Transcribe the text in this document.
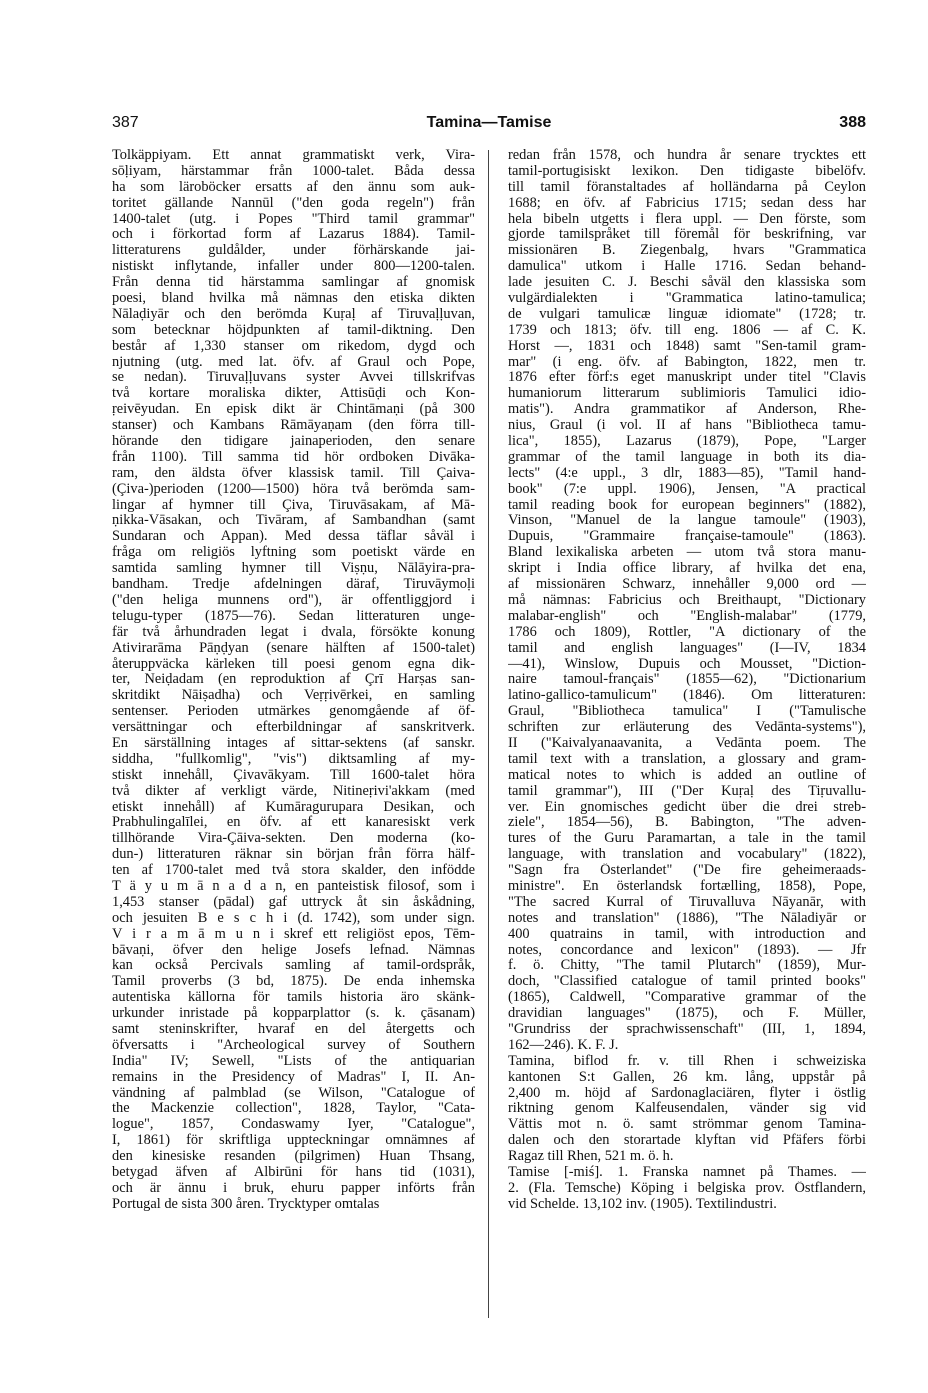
387	Tamina—Tamise	388
Tolkäppiyam. Ett annat grammatiskt verk, Vira-
sōḷiyam, härstammar från 1000-talet. Båda dessa
ha som läroböcker ersatts af den ännu som auk-
toritet gällande Nannūl ("den goda regeln") från
1400-talet (utg. i Popes "Third tamil grammar"
och i förkortad form af Lazarus 1884). Tamil-
litteraturens guldålder, under förhärskande jai-
nistiskt inflytande, infaller under 800—1200-talen.
Från denna tid härstamma samlingar af gnomisk
poesi, bland hvilka må nämnas den etiska dikten
Nālaḍiyār och den berömda Kuṛaḷ af Tiruvaḷḷuvan,
som betecknar höjdpunkten af tamil-diktning. Den
består af 1,330 stanser om rikedom, dygd och
njutning (utg. med lat. öfv. af Graul och Pope,
se nedan). Tiruvaḷḷuvans syster Avvei tillskrifvas
två kortare moraliska dikter, Attisūḍi och Kon-
ṛeivēyudan. En episk dikt är Chintāmaṇi (på 300
stanser) och Kambans Rāmāyaṇam (den förra till-
hörande den tidigare jainaperioden, den senare
från 1100). Till samma tid hör ordboken Divāka-
ram, den äldsta öfver klassisk tamil. Till Çaiva-
(Çiva-)perioden (1200—1500) höra två berömda sam-
lingar af hymner till Çiva, Tiruvāsakam, af Mā-
ṇikka-Vāsakan, och Tivāram, af Sambandhan (samt
Sundaran och Appan). Med dessa täflar såväl i
fråga om religiös lyftning som poetiskt värde en
samtida samling hymner till Viṣṇu, Nālāyira-pra-
bandham. Tredje afdelningen däraf, Tiruvāymoḷi
("den heliga munnens ord"), är offentliggjord i
telugu-typer (1875—76). Sedan litteraturen unge-
fär två århundraden legat i dvala, försökte konung
Ativirarāma Pāṇḍyan (senare hälften af 1500-talet)
återuppväcka kärleken till poesi genom egna dik-
ter, Neiḍadam (en reproduktion af Çrī Harṣas san-
skritdikt Nāiṣadha) och Veṛṛivērkei, en samling
sentenser. Perioden utmärkes genomgående af öf-
versättningar och efterbildningar af sanskritverk.
En särställning intages af sittar-sektens (af sanskr.
siddha, "fullkomlig", "vis") diktsamling af my-
stiskt innehåll, Çivavākyam. Till 1600-talet höra
två dikter af verkligt värde, Nitineṛivi'akkam (med
etiskt innehåll) af Kumāragurupara Desikan, och
Prabhulingalīlei, en öfv. af ett kanaresiskt verk
tillhörande Vira-Çāiva-sekten. Den moderna (ko-
dun-) litteraturen räknar sin början från förra hälf-
ten af 1700-talet med två stora skalder, den infödde
T ä y u m ā n a d a n, en panteistisk filosof, som i
1,453 stanser (pādal) gaf uttryck åt sin åskådning,
och jesuiten B e s c h i (d. 1742), som under sign.
V i r a m ā m u n i skref ett religiöst epos, Tēm-
bāvaṇi, öfver den helige Josefs lefnad. Nämnas
kan också Percivals samling af tamil-ordspråk,
Tamil proverbs (3 bd, 1875). De enda inhemska
autentiska källorna för tamils historia äro skänk-
urkunder inristade på kopparplattor (s. k. çāsanam)
samt steninskrifter, hvaraf en del återgetts och
öfversatts i "Archeological survey of Southern
India" IV; Sewell, "Lists of the antiquarian
remains in the Presidency of Madras" I, II. An-
vändning af palmblad (se Wilson, "Catalogue of
the Mackenzie collection", 1828, Taylor, "Cata-
logue", 1857, Condaswamy Iyer, "Catalogue",
I, 1861) för skriftliga uppteckningar omnämnes af
den kinesiske resanden (pilgrimen) Huan Thsang,
betygad äfven af Albirūni för hans tid (1031),
och är ännu i bruk, ehuru papper införts från
Portugal de sista 300 åren. Trycktyper omtalas
redan från 1578, och hundra år senare trycktes ett
tamil-portugisiskt lexikon. Den tidigaste bibelöfv.
till tamil föranstaltades af holländarna på Ceylon
1688; en öfv. af Fabricius 1715; sedan dess har
hela bibeln utgetts i flera uppl. — Den förste, som
gjorde tamilspråket till föremål för beskrifning, var
missionären B. Ziegenbalg, hvars "Grammatica
damulica" utkom i Halle 1716. Sedan behand-
lade jesuiten C. J. Beschi såväl den klassiska som
vulgärdialekten i "Grammatica latino-tamulica;
de vulgari tamulicæ linguæ idiomate" (1728; tr.
1739 och 1813; öfv. till eng. 1806 — af C. K.
Horst —, 1831 och 1848) samt "Sen-tamil gram-
mar" (i eng. öfv. af Babington, 1822, men tr.
1876 efter förf:s eget manuskript under titel "Clavis
humaniorum litterarum sublimioris Tamulici idio-
matis"). Andra grammatikor af Anderson, Rhe-
nius, Graul (i vol. II af hans "Bibliotheca tamu-
lica", 1855), Lazarus (1879), Pope, "Larger
grammar of the tamil language in both its dia-
lects" (4:e uppl., 3 dlr, 1883—85), "Tamil hand-
book" (7:e uppl. 1906), Jensen, "A practical
tamil reading book for european beginners" (1882),
Vinson, "Manuel de la langue tamoule" (1903),
Dupuis, "Grammaire française-tamoule" (1863).
Bland lexikaliska arbeten — utom två stora manu-
skript i India office library, af hvilka det ena,
af missionären Schwarz, innehåller 9,000 ord —
må nämnas: Fabricius och Breithaupt, "Dictionary
malabar-english" och "English-malabar" (1779,
1786 och 1809), Rottler, "A dictionary of the
tamil and english languages" (I—IV, 1834
—41), Winslow, Dupuis och Mousset, "Diction-
naire tamoul-français" (1855—62), "Dictionarium
latino-gallico-tamulicum" (1846). Om litteraturen:
Graul, "Bibliotheca tamulica" I ("Tamulische
schriften zur erläuterung des Vedānta-systems"),
II ("Kaivalyanaavanita, a Vedānta poem. The
tamil text with a translation, a glossary and gram-
matical notes to which is added an outline of
tamil grammar"), III ("Der Kuṛaḷ des Tiṛuvallu-
ver. Ein gnomisches gedicht über die drei streb-
ziele", 1854—56), B. Babington, "The adven-
tures of the Guru Paramartan, a tale in the tamil
language, with translation and vocabulary" (1822),
"Sagn fra Österlandet" ("De fire geheimeraads-
ministre". En österlandsk fortælling, 1858), Pope,
"The sacred Kurral of Tiruvalluva Nāyanār, with
notes and translation" (1886), "The Nāladiyār or
400 quatrains in tamil, with introduction and
notes, concordance and lexicon" (1893). — Jfr
f. ö. Chitty, "The tamil Plutarch" (1859), Mur-
doch, "Classified catalogue of tamil printed books"
(1865), Caldwell, "Comparative grammar of the
dravidian languages" (1875), och F. Müller,
"Grundriss der sprachwissenschaft" (III, 1, 1894,
162—246). K. F. J.
Tamina, biflod fr. v. till Rhen i schweiziska
kantonen S:t Gallen, 26 km. lång, uppstår på
2,400 m. höjd af Sardonaglaciären, flyter i östlig
riktning genom Kalfeusendalen, vänder sig vid
Vättis mot n. ö. samt strömmar genom Tamina-
dalen och den storartade klyftan vid Pfäfers förbi
Ragaz till Rhen, 521 m. ö. h.
Tamise [-miś]. 1. Franska namnet på Thames. —
2. (Fla. Temsche) Köping i belgiska prov. Östflandern,
vid Schelde. 13,102 inv. (1905). Textilindustri.
